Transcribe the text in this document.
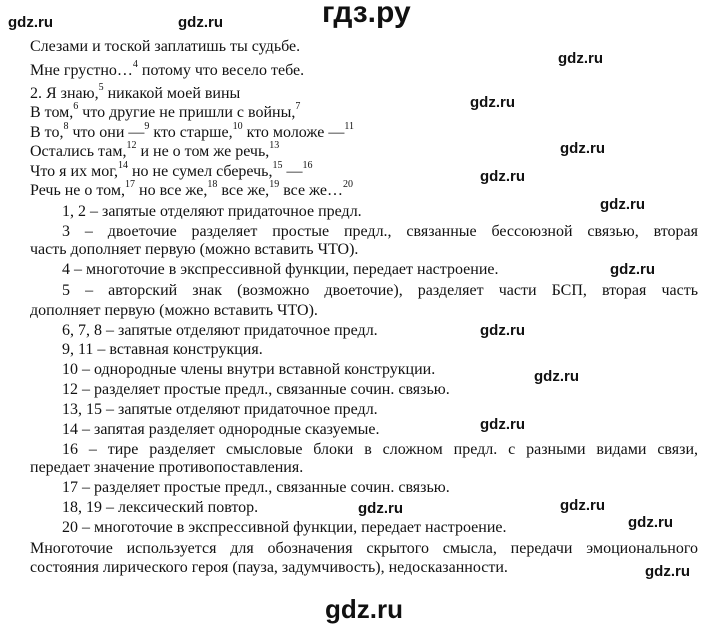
гдз.ру
Слезами и тоской заплатишь ты судьбе.
Мне грустно…$^4$ потому что весело тебе.
2. Я знаю,$^5$ никакой моей вины
В том,$^6$ что другие не пришли с войны,$^7$
В то,$^8$ что они —$^9$ кто старше,$^{10}$ кто моложе —$^{11}$
Остались там,$^{12}$ и не о том же речь,$^{13}$
Что я их мог,$^{14}$ но не сумел сберечь,$^{15}$ —$^{16}$
Речь не о том,$^{17}$ но все же,$^{18}$ все же,$^{19}$ все же…$^{20}$
1, 2 – запятые отделяют придаточное предл.
3 – двоеточие разделяет простые предл., связанные бессоюзной связью, вторая
часть дополняет первую (можно вставить ЧТО).
4 – многоточие в экспрессивной функции, передает настроение.
5 – авторский знак (возможно двоеточие), разделяет части БСП, вторая часть
дополняет первую (можно вставить ЧТО).
6, 7, 8 – запятые отделяют придаточное предл.
9, 11 – вставная конструкция.
10 – однородные члены внутри вставной конструкции.
12 – разделяет простые предл., связанные сочин. связью.
13, 15 – запятые отделяют придаточное предл.
14 – запятая разделяет однородные сказуемые.
16 – тире разделяет смысловые блоки в сложном предл. с разными видами связи,
передает значение противопоставления.
17 – разделяет простые предл., связанные сочин. связью.
18, 19 – лексический повтор.
20 – многоточие в экспрессивной функции, передает настроение.
Многоточие используется для обозначения скрытого смысла, передачи эмоционального
состояния лирического героя (пауза, задумчивость), недосказанности.
gdz.ru	gdz.ru
gdz.ru
gdz.ru
gdz.ru
gdz.ru
gdz.ru
gdz.ru
gdz.ru
gdz.ru
gdz.ru
gdz.ru
gdz.ru
gdz.ru
gdz.ru
gdz.ru
